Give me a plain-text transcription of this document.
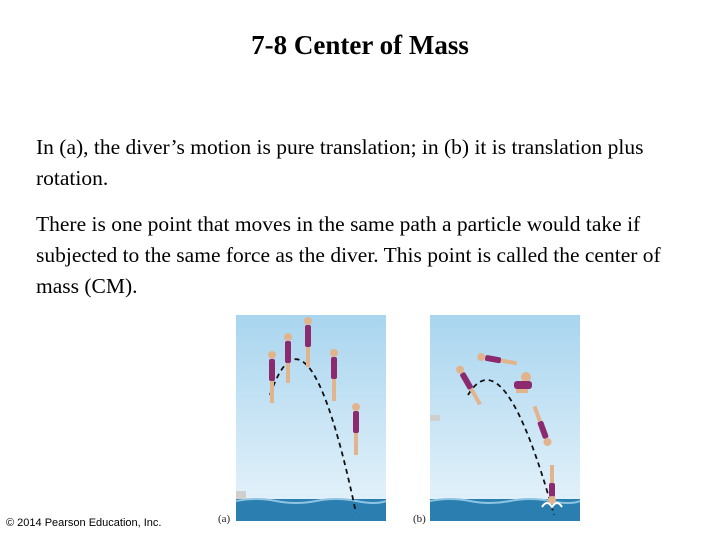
7-8 Center of Mass

In (a), the diver’s motion is pure translation; in (b) it is translation plus rotation.

There is one point that moves in the same path a particle would take if subjected to the same force as the diver. This point is called the center of mass (CM).

(a)	(b)
© 2014 Pearson Education, Inc.
